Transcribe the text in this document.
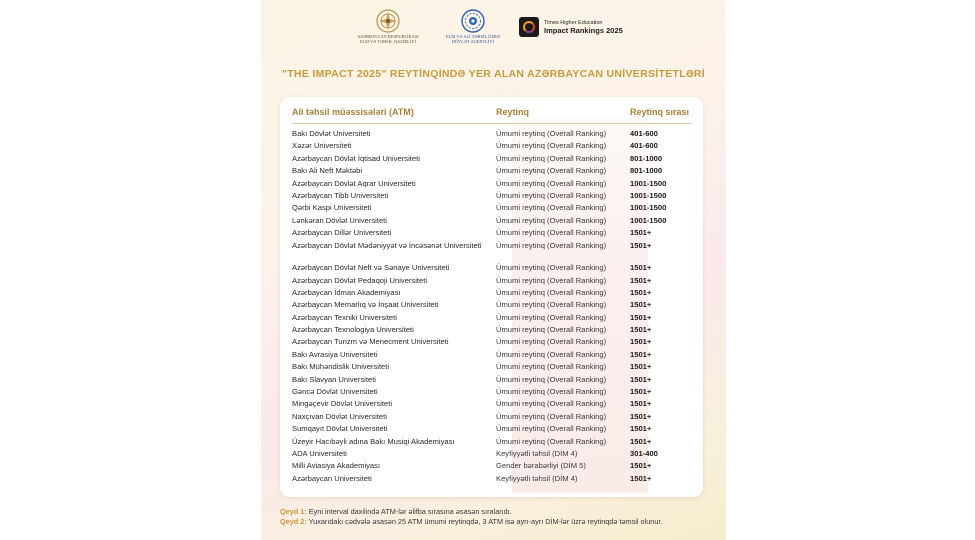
AZƏRBAYCAN RESPUBLİKASI
ELM VƏ TƏHSİL NAZİRLİYİ
ELM VƏ ALİ TƏHSİL ÜZRƏ
DÖVLƏT AGENTLİYİ
Times Higher Education
Impact Rankings 2025
"THE IMPACT 2025" REYTİNQİNDƏ YER ALAN AZƏRBAYCAN UNİVERSİTETLƏRİ
Ali təhsil müəssisələri (ATM)	Reytinq	Reytinq sırası
Bakı Dövlət Universiteti	Ümumi reytinq (Overall Ranking)	401-600
Xəzər Universiteti	Ümumi reytinq (Overall Ranking)	401-600
Azərbaycan Dövlət İqtisad Universiteti	Ümumi reytinq (Overall Ranking)	801-1000
Bakı Ali Neft Məktəbi	Ümumi reytinq (Overall Ranking)	801-1000
Azərbaycan Dövlət Aqrar Universiteti	Ümumi reytinq (Overall Ranking)	1001-1500
Azərbaycan Tibb Universiteti	Ümumi reytinq (Overall Ranking)	1001-1500
Qərbi Kaspi Universiteti	Ümumi reytinq (Overall Ranking)	1001-1500
Lənkəran Dövlət Universiteti	Ümumi reytinq (Overall Ranking)	1001-1500
Azərbaycan Dillər Universiteti	Ümumi reytinq (Overall Ranking)	1501+
Azərbaycan Dövlət Mədəniyyət və İncəsənət Universiteti	Ümumi reytinq (Overall Ranking)	1501+
Azərbaycan Dövlət Neft və Sənaye Universiteti	Ümumi reytinq (Overall Ranking)	1501+
Azərbaycan Dövlət Pedaqoji Universiteti	Ümumi reytinq (Overall Ranking)	1501+
Azərbaycan İdman Akademiyası	Ümumi reytinq (Overall Ranking)	1501+
Azərbaycan Memarlıq və İnşaat Universiteti	Ümumi reytinq (Overall Ranking)	1501+
Azərbaycan Texniki Universiteti	Ümumi reytinq (Overall Ranking)	1501+
Azərbaycan Texnologiya Universiteti	Ümumi reytinq (Overall Ranking)	1501+
Azərbaycan Turizm və Menecment Universiteti	Ümumi reytinq (Overall Ranking)	1501+
Bakı Avrasiya Universiteti	Ümumi reytinq (Overall Ranking)	1501+
Bakı Mühəndislik Universiteti	Ümumi reytinq (Overall Ranking)	1501+
Bakı Slavyan Universiteti	Ümumi reytinq (Overall Ranking)	1501+
Gəncə Dövlət Universiteti	Ümumi reytinq (Overall Ranking)	1501+
Mingəçevir Dövlət Universiteti	Ümumi reytinq (Overall Ranking)	1501+
Naxçıvan Dövlət Universiteti	Ümumi reytinq (Overall Ranking)	1501+
Sumqayıt Dövlət Universiteti	Ümumi reytinq (Overall Ranking)	1501+
Üzeyir Hacıbəyli adına Bakı Musiqi Akademiyası	Ümumi reytinq (Overall Ranking)	1501+
ADA Universiteti	Keyfiyyətli təhsil (DİM 4)	301-400
Milli Aviasiya Akademiyası	Gender bərabərliyi (DİM 5)	1501+
Azərbaycan Universiteti	Keyfiyyətli təhsil (DİM 4)	1501+
Qeyd 1: Eyni interval daxilində ATM-lər əlifba sırasına əsasən sıralanıb.
Qeyd 2: Yuxarıdakı cədvələ əsasən 25 ATM ümumi reytinqdə, 3 ATM isə ayrı-ayrı DİM-lər üzrə reytinqdə təmsil olunur.
